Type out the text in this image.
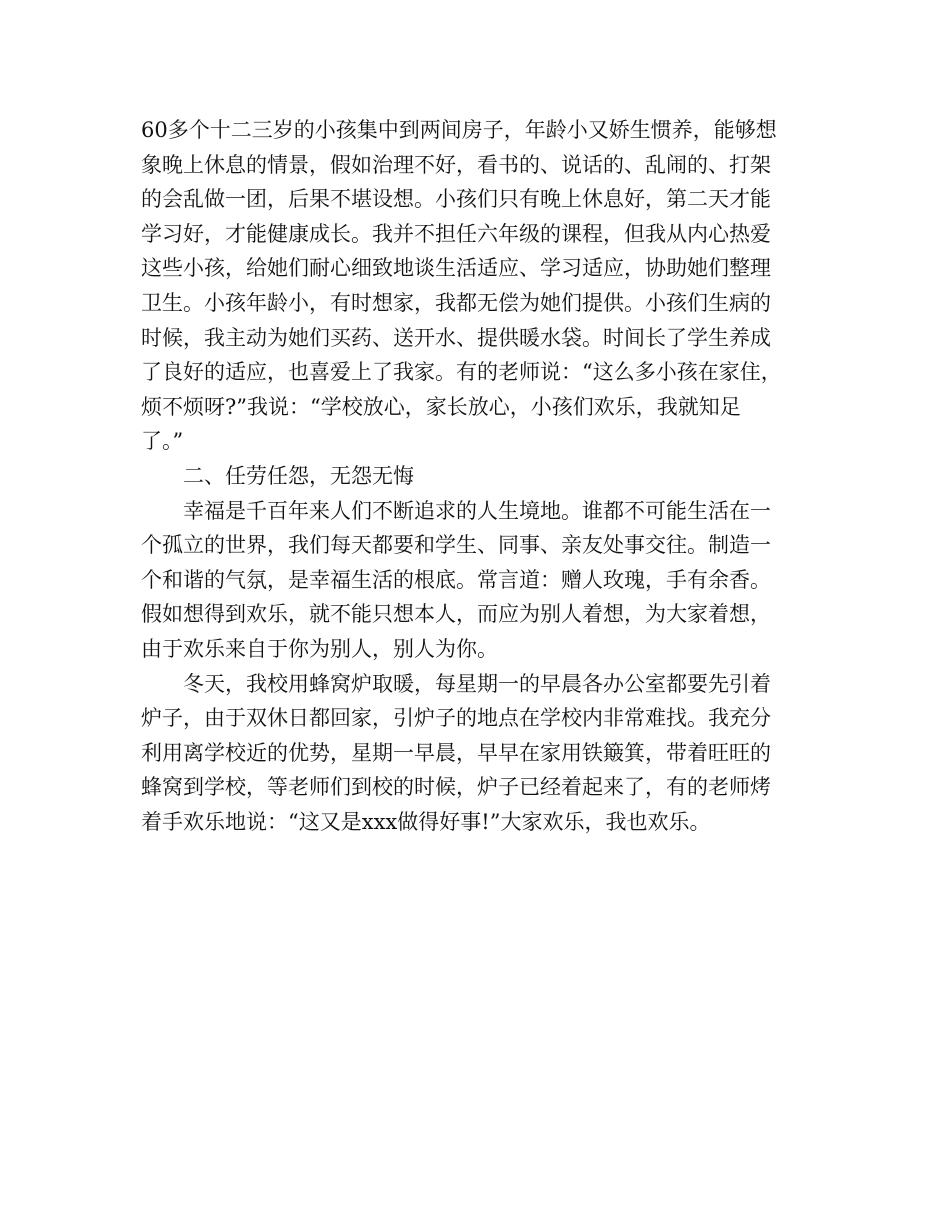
60多个十二三岁的小孩集中到两间房子，年龄小又娇生惯养，能够想
象晚上休息的情景，假如治理不好，看书的、说话的、乱闹的、打架
的会乱做一团，后果不堪设想。小孩们只有晚上休息好，第二天才能
学习好，才能健康成长。我并不担任六年级的课程，但我从内心热爱
这些小孩，给她们耐心细致地谈生活适应、学习适应，协助她们整理
卫生。小孩年龄小，有时想家，我都无偿为她们提供。小孩们生病的
时候，我主动为她们买药、送开水、提供暖水袋。时间长了学生养成
了良好的适应，也喜爱上了我家。有的老师说：“这么多小孩在家住，
烦不烦呀?”我说：“学校放心，家长放心，小孩们欢乐，我就知足
了。”
二、任劳任怨，无怨无悔
幸福是千百年来人们不断追求的人生境地。谁都不可能生活在一
个孤立的世界，我们每天都要和学生、同事、亲友处事交往。制造一
个和谐的气氛，是幸福生活的根底。常言道：赠人玫瑰，手有余香。
假如想得到欢乐，就不能只想本人，而应为别人着想，为大家着想，
由于欢乐来自于你为别人，别人为你。
冬天，我校用蜂窝炉取暖，每星期一的早晨各办公室都要先引着
炉子，由于双休日都回家，引炉子的地点在学校内非常难找。我充分
利用离学校近的优势，星期一早晨，早早在家用铁簸箕，带着旺旺的
蜂窝到学校，等老师们到校的时候，炉子已经着起来了，有的老师烤
着手欢乐地说：“这又是xxx做得好事!”大家欢乐，我也欢乐。
